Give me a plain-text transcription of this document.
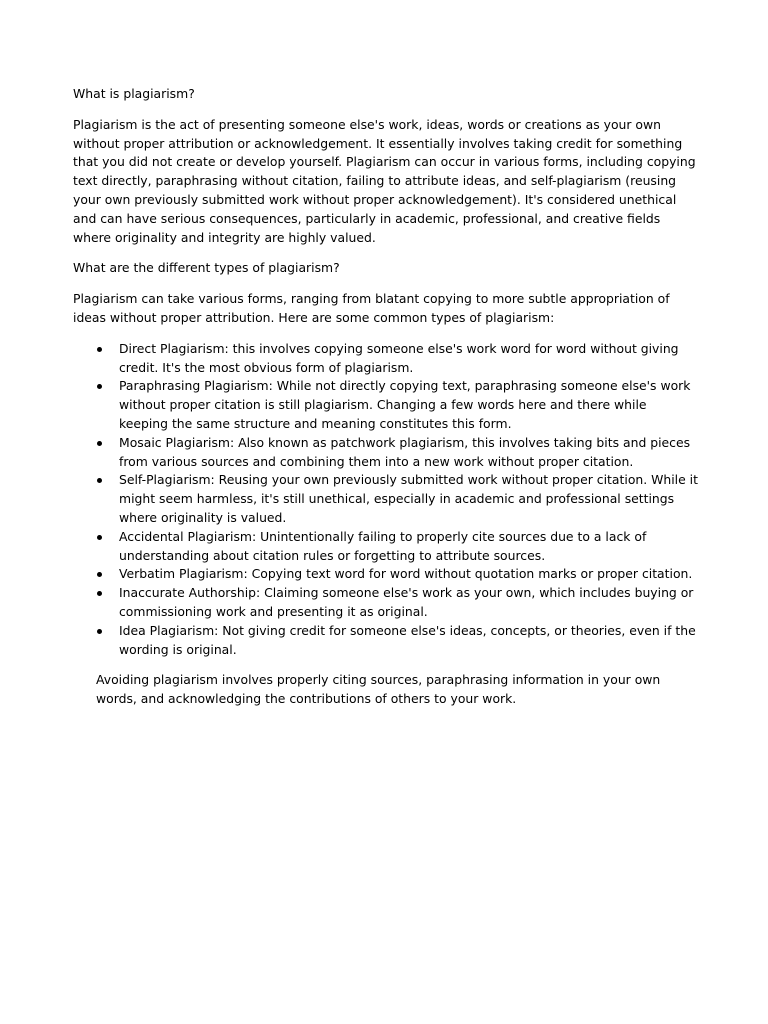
What is plagiarism?

Plagiarism is the act of presenting someone else's work, ideas, words or creations as your own without proper attribution or acknowledgement. It essentially involves taking credit for something that you did not create or develop yourself. Plagiarism can occur in various forms, including copying text directly, paraphrasing without citation, failing to attribute ideas, and self-plagiarism (reusing your own previously submitted work without proper acknowledgement). It's considered unethical and can have serious consequences, particularly in academic, professional, and creative fields where originality and integrity are highly valued.

What are the different types of plagiarism?

Plagiarism can take various forms, ranging from blatant copying to more subtle appropriation of ideas without proper attribution. Here are some common types of plagiarism:

Direct Plagiarism: this involves copying someone else's work word for word without giving credit. It's the most obvious form of plagiarism.
Paraphrasing Plagiarism: While not directly copying text, paraphrasing someone else's work without proper citation is still plagiarism. Changing a few words here and there while keeping the same structure and meaning constitutes this form.
Mosaic Plagiarism: Also known as patchwork plagiarism, this involves taking bits and pieces from various sources and combining them into a new work without proper citation.
Self-Plagiarism: Reusing your own previously submitted work without proper citation. While it might seem harmless, it's still unethical, especially in academic and professional settings where originality is valued.
Accidental Plagiarism: Unintentionally failing to properly cite sources due to a lack of understanding about citation rules or forgetting to attribute sources.
Verbatim Plagiarism: Copying text word for word without quotation marks or proper citation.
Inaccurate Authorship: Claiming someone else's work as your own, which includes buying or commissioning work and presenting it as original.
Idea Plagiarism: Not giving credit for someone else's ideas, concepts, or theories, even if the wording is original.

Avoiding plagiarism involves properly citing sources, paraphrasing information in your own words, and acknowledging the contributions of others to your work.
